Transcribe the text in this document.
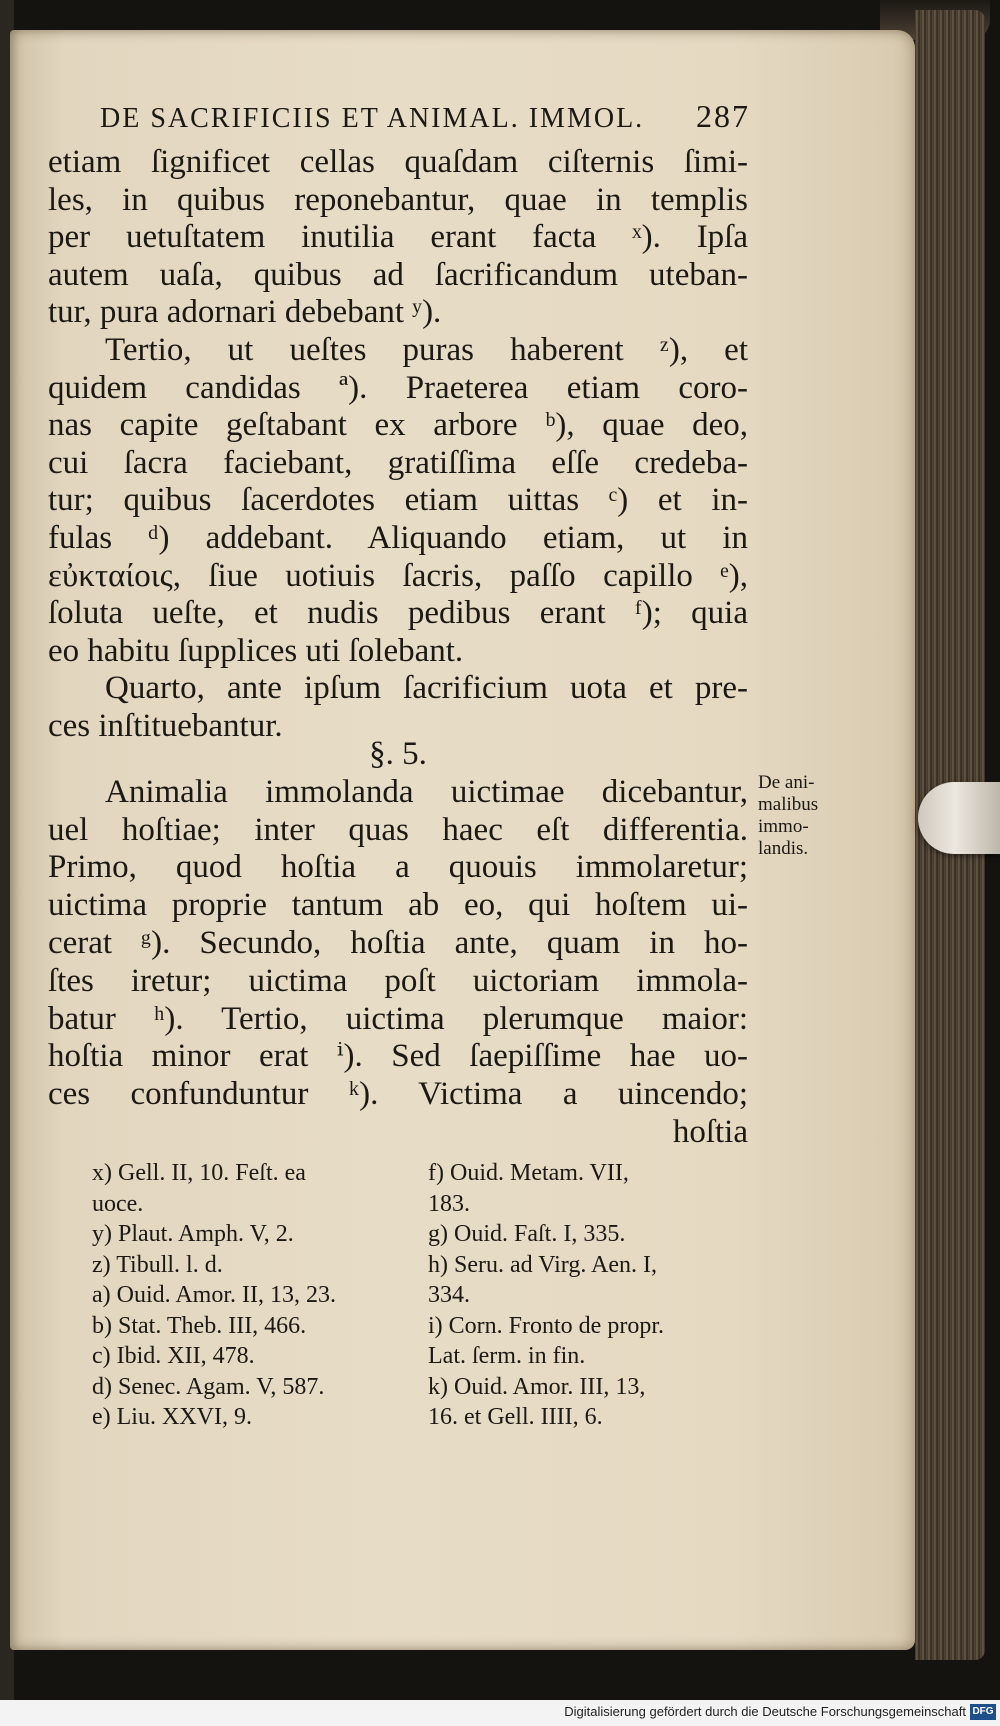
DE SACRIFICIIS ET ANIMAL. IMMOL. 287
etiam ſignificet cellas quaſdam ciſternis ſimi-
les, in quibus reponebantur, quae in templis
per uetuſtatem inutilia erant facta ˣ). Ipſa
autem uaſa, quibus ad ſacrificandum uteban-
tur, pura adornari debebant ʸ).
Tertio, ut ueſtes puras haberent ᶻ), et
quidem candidas ª). Praeterea etiam coro-
nas capite geſtabant ex arbore ᵇ), quae deo,
cui ſacra faciebant, gratiſſima eſſe credeba-
tur; quibus ſacerdotes etiam uittas ᶜ) et in-
fulas ᵈ) addebant. Aliquando etiam, ut in
εὐκταίοις, ſiue uotiuis ſacris, paſſo capillo ᵉ),
ſoluta ueſte, et nudis pedibus erant ᶠ); quia
eo habitu ſupplices uti ſolebant.
Quarto, ante ipſum ſacrificium uota et pre-
ces inſtituebantur.
§. 5.
Animalia immolanda uictimae dicebantur,
uel hoſtiae; inter quas haec eſt differentia.
Primo, quod hoſtia a quouis immolaretur;
uictima proprie tantum ab eo, qui hoſtem ui-
cerat ᵍ). Secundo, hoſtia ante, quam in ho-
ſtes iretur; uictima poſt uictoriam immola-
batur ʰ). Tertio, uictima plerumque maior:
hoſtia minor erat ⁱ). Sed ſaepiſſime hae uo-
ces confunduntur ᵏ). Victima a uincendo;
hoſtia
De ani-
malibus
immo-
landis.
x) Gell. II, 10. Feſt. ea
uoce.
y) Plaut. Amph. V, 2.
z) Tibull. l. d.
a) Ouid. Amor. II, 13, 23.
b) Stat. Theb. III, 466.
c) Ibid. XII, 478.
d) Senec. Agam. V, 587.
e) Liu. XXVI, 9.
f) Ouid. Metam. VII,
183.
g) Ouid. Faſt. I, 335.
h) Seru. ad Virg. Aen. I,
334.
i) Corn. Fronto de propr.
Lat. ſerm. in fin.
k) Ouid. Amor. III, 13,
16. et Gell. IIII, 6.
Digitalisierung gefördert durch die Deutsche Forschungsgemeinschaft DFG
